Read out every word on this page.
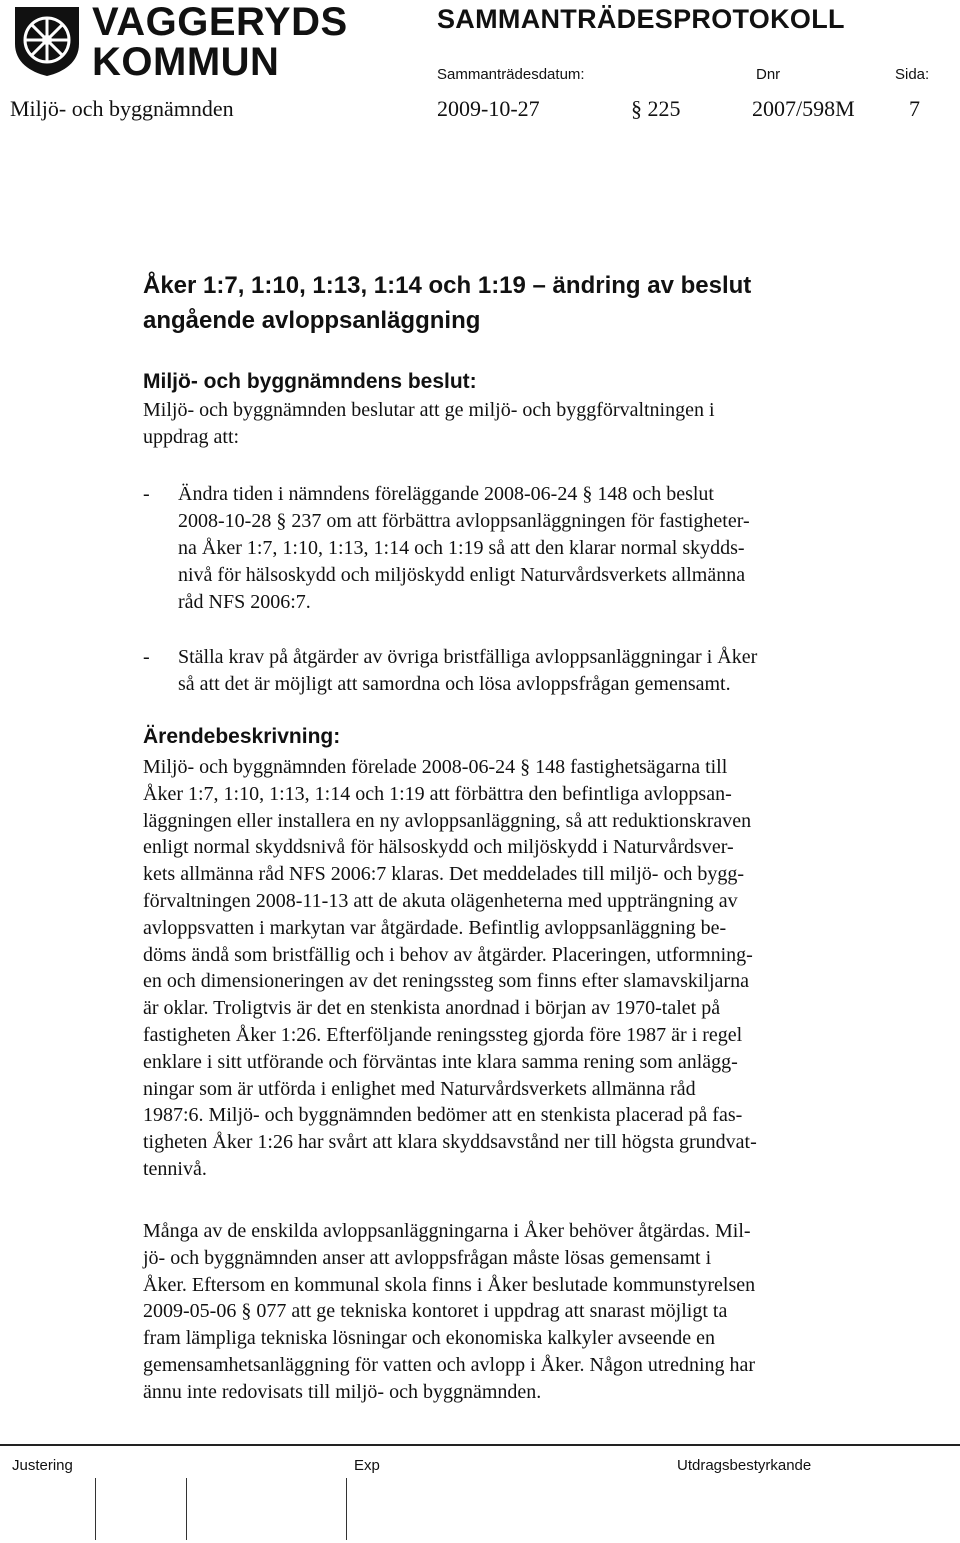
VAGGERYDS
KOMMUN
SAMMANTRÄDESPROTOKOLL
Sammanträdesdatum:	Dnr	Sida:
Miljö- och byggnämnden	2009-10-27	§ 225	2007/598M 7
Åker 1:7, 1:10, 1:13, 1:14 och 1:19 – ändring av beslut
angående avloppsanläggning
Miljö- och byggnämndens beslut:
Miljö- och byggnämnden beslutar att ge miljö- och byggförvaltningen i
uppdrag att:
- Ändra tiden i nämndens föreläggande 2008-06-24 § 148 och beslut
2008-10-28 § 237 om att förbättra avloppsanläggningen för fastigheter-
na Åker 1:7, 1:10, 1:13, 1:14 och 1:19 så att den klarar normal skydds-
nivå för hälsoskydd och miljöskydd enligt Naturvårdsverkets allmänna
råd NFS 2006:7.
- Ställa krav på åtgärder av övriga bristfälliga avloppsanläggningar i Åker
så att det är möjligt att samordna och lösa avloppsfrågan gemensamt.
Ärendebeskrivning:
Miljö- och byggnämnden förelade 2008-06-24 § 148 fastighetsägarna till
Åker 1:7, 1:10, 1:13, 1:14 och 1:19 att förbättra den befintliga avloppsan-
läggningen eller installera en ny avloppsanläggning, så att reduktionskraven
enligt normal skyddsnivå för hälsoskydd och miljöskydd i Naturvårdsver-
kets allmänna råd NFS 2006:7 klaras. Det meddelades till miljö- och bygg-
förvaltningen 2008-11-13 att de akuta olägenheterna med uppträngning av
avloppsvatten i markytan var åtgärdade. Befintlig avloppsanläggning be-
döms ändå som bristfällig och i behov av åtgärder. Placeringen, utformning-
en och dimensioneringen av det reningssteg som finns efter slamavskiljarna
är oklar. Troligtvis är det en stenkista anordnad i början av 1970-talet på
fastigheten Åker 1:26. Efterföljande reningssteg gjorda före 1987 är i regel
enklare i sitt utförande och förväntas inte klara samma rening som anlägg-
ningar som är utförda i enlighet med Naturvårdsverkets allmänna råd
1987:6. Miljö- och byggnämnden bedömer att en stenkista placerad på fas-
tigheten Åker 1:26 har svårt att klara skyddsavstånd ner till högsta grundvat-
tennivå.
Många av de enskilda avloppsanläggningarna i Åker behöver åtgärdas. Mil-
jö- och byggnämnden anser att avloppsfrågan måste lösas gemensamt i
Åker. Eftersom en kommunal skola finns i Åker beslutade kommunstyrelsen
2009-05-06 § 077 att ge tekniska kontoret i uppdrag att snarast möjligt ta
fram lämpliga tekniska lösningar och ekonomiska kalkyler avseende en
gemensamhetsanläggning för vatten och avlopp i Åker. Någon utredning har
ännu inte redovisats till miljö- och byggnämnden.
Justering	Exp	Utdragsbestyrkande
